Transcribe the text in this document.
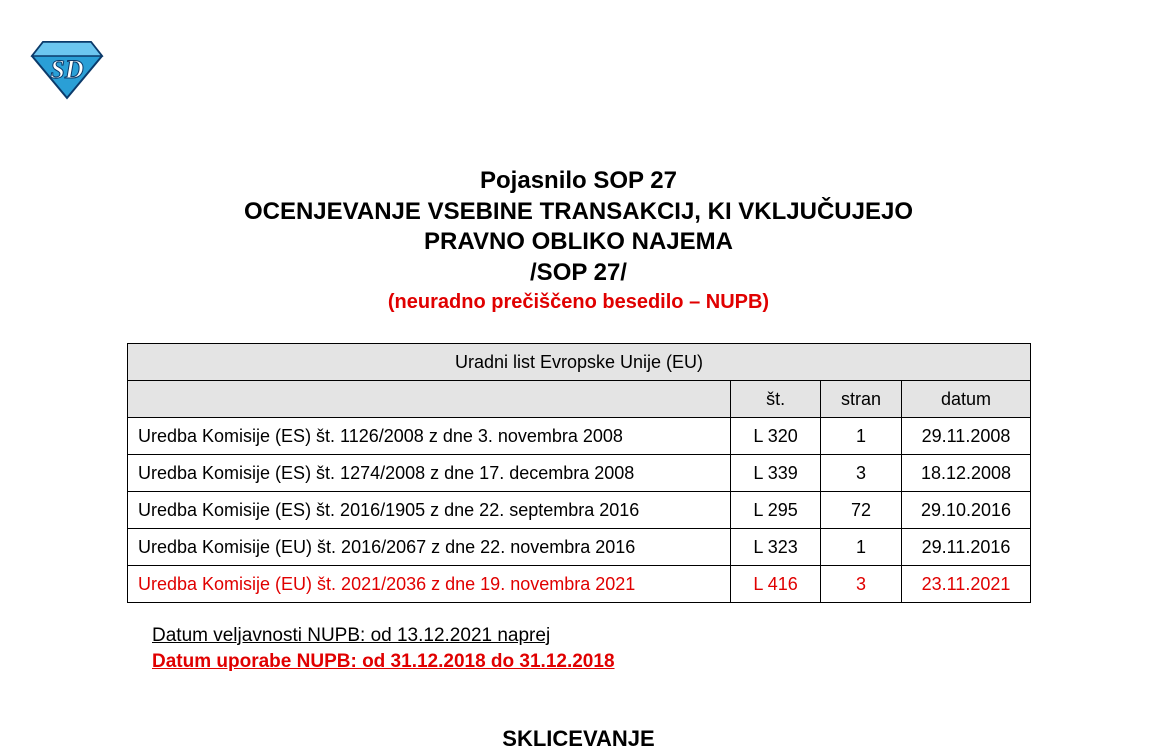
SD
Pojasnilo SOP 27
OCENJEVANJE VSEBINE TRANSAKCIJ, KI VKLJUČUJEJO
PRAVNO OBLIKO NAJEMA
/SOP 27/
(neuradno prečiščeno besedilo – NUPB)
Uradni list Evropske Unije (EU)			
	št.	stran	datum
Uredba Komisije (ES) št. 1126/2008 z dne 3. novembra 2008	L 320	1	29.11.2008
Uredba Komisije (ES) št. 1274/2008 z dne 17. decembra 2008	L 339	3	18.12.2008
Uredba Komisije (ES) št. 2016/1905 z dne 22. septembra 2016	L 295	72	29.10.2016
Uredba Komisije (EU) št. 2016/2067 z dne 22. novembra 2016	L 323	1	29.11.2016
Uredba Komisije (EU) št. 2021/2036 z dne 19. novembra 2021	L 416	3	23.11.2021
Datum veljavnosti NUPB: od 13.12.2021 naprej
Datum uporabe NUPB: od 31.12.2018 do 31.12.2018
SKLICEVANJE
